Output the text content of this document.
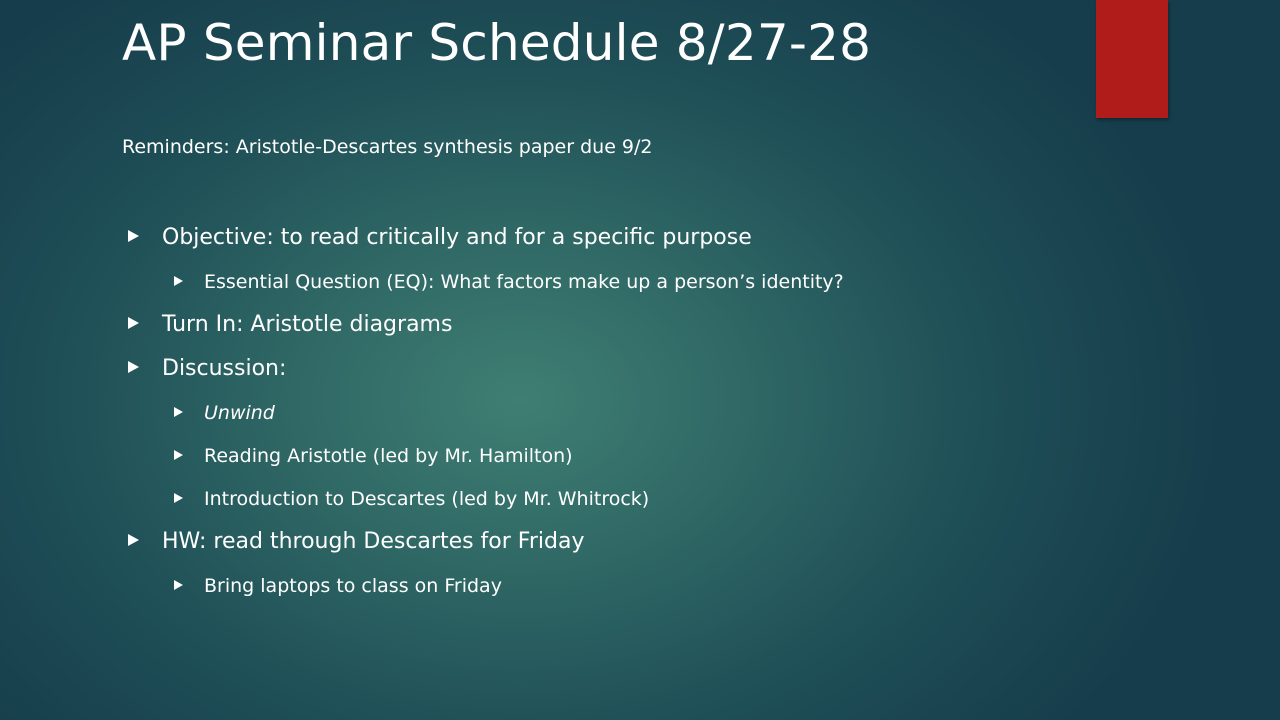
AP Seminar Schedule 8/27-28
Reminders: Aristotle-Descartes synthesis paper due 9/2
Objective: to read critically and for a specific purpose
Essential Question (EQ): What factors make up a person’s identity?
Turn In: Aristotle diagrams
Discussion:
Unwind
Reading Aristotle (led by Mr. Hamilton)
Introduction to Descartes (led by Mr. Whitrock)
HW: read through Descartes for Friday
Bring laptops to class on Friday
